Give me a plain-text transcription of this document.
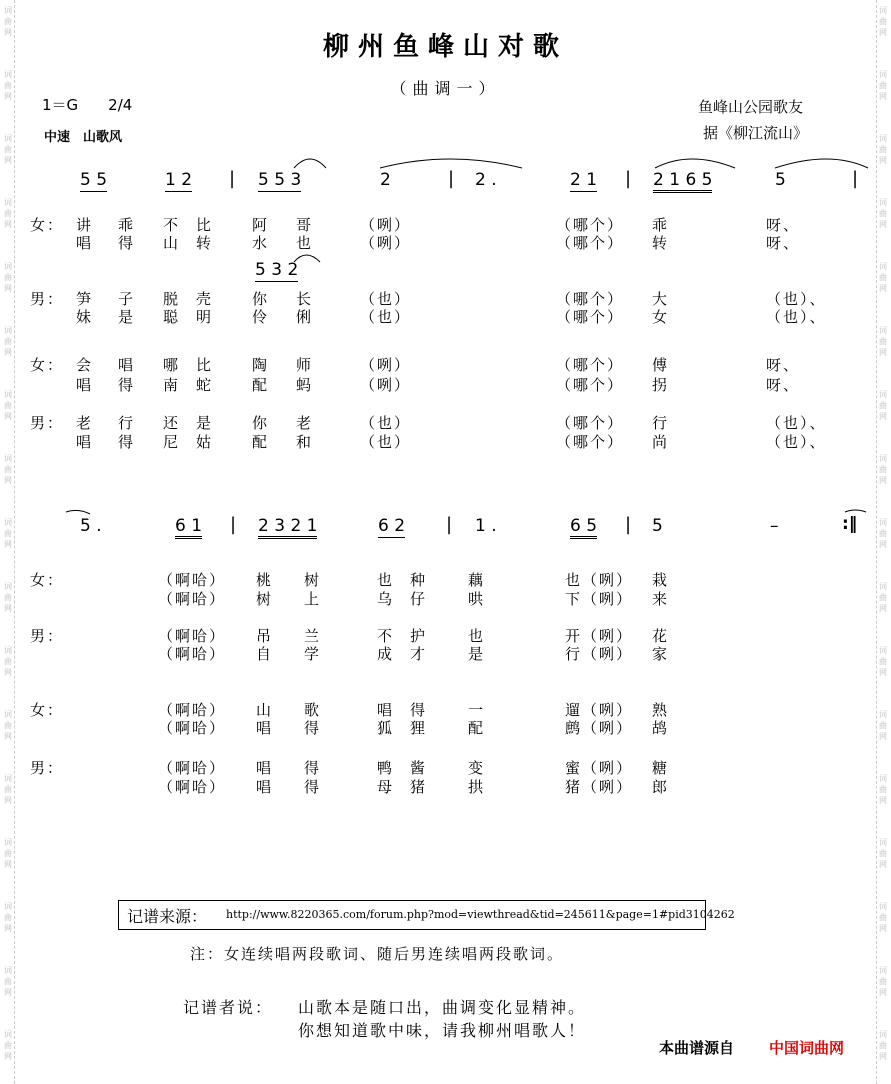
词
曲
网
词
曲
网
词
曲
网
词
曲
网
词
曲
网
词
曲
网
词
曲
网
词
曲
网
词
曲
网
词
曲
网
词
曲
网
词
曲
网
词
曲
网
词
曲
网
词
曲
网
词
曲
网
词
曲
网
词
曲
网
词
曲
网
词
曲
网
词
曲
网
词
曲
网
词
曲
网
词
曲
网
词
曲
网
词
曲
网
词
曲
网
词
曲
网
词
曲
网
词
曲
网
词
曲
网
词
曲
网
词
曲
网
词
曲
网
柳州鱼峰山对歌
（曲调一）
1＝G　　2/4
中速　山歌风
鱼峰山公园歌友
据《柳江流山》
5 5	1 2 | 5 5 3	2	| 2 .	2 1 | 2 1 6 5	5	|
5 3 2
女： 讲 乖 不 比	阿 哥	（咧）	（哪个） 乖	呀、
唱 得 山 转	水 也	（咧）	（哪个） 转	呀、
男： 笋 子 脱 壳	你 长	（也）	（哪个） 大	（也）、
妹 是 聪 明	伶 俐	（也）	（哪个） 女	（也）、
女： 会 唱 哪 比	陶 师	（咧）	（哪个） 傅	呀、
唱 得 南 蛇	配 蚂	（咧）	（哪个） 拐	呀、
男： 老 行 还 是	你 老	（也）	（哪个） 行	（也）、
唱 得 尼 姑	配 和	（也）	（哪个） 尚	（也）、
5 .	6 1 | 2 3 2 1	6 2 | 1 .	6 5 | 5	–	:‖
女：	（啊哈） 桃 树	也 种	藕	也（咧） 栽
（啊哈） 树 上	乌 仔	哄	下（咧） 来
男：	（啊哈） 吊 兰	不 护	也	开（咧） 花
（啊哈） 自 学	成 才	是	行（咧） 家
女：	（啊哈） 山 歌	唱 得	一	遛（咧） 熟
（啊哈） 唱 得	狐 狸	配	鹧（咧） 鸪
男：	（啊哈） 唱 得	鸭 酱	变	蜜（咧） 糖
（啊哈） 唱 得	母 猪	拱	猪（咧） 郎
记谱来源： http://www.8220365.com/forum.php?mod=viewthread&tid=245611&page=1#pid3104262
注：女连续唱两段歌词、随后男连续唱两段歌词。
记谱者说： 山歌本是随口出，曲调变化显精神。
你想知道歌中味，请我柳州唱歌人！
本曲谱源自 中国词曲网
